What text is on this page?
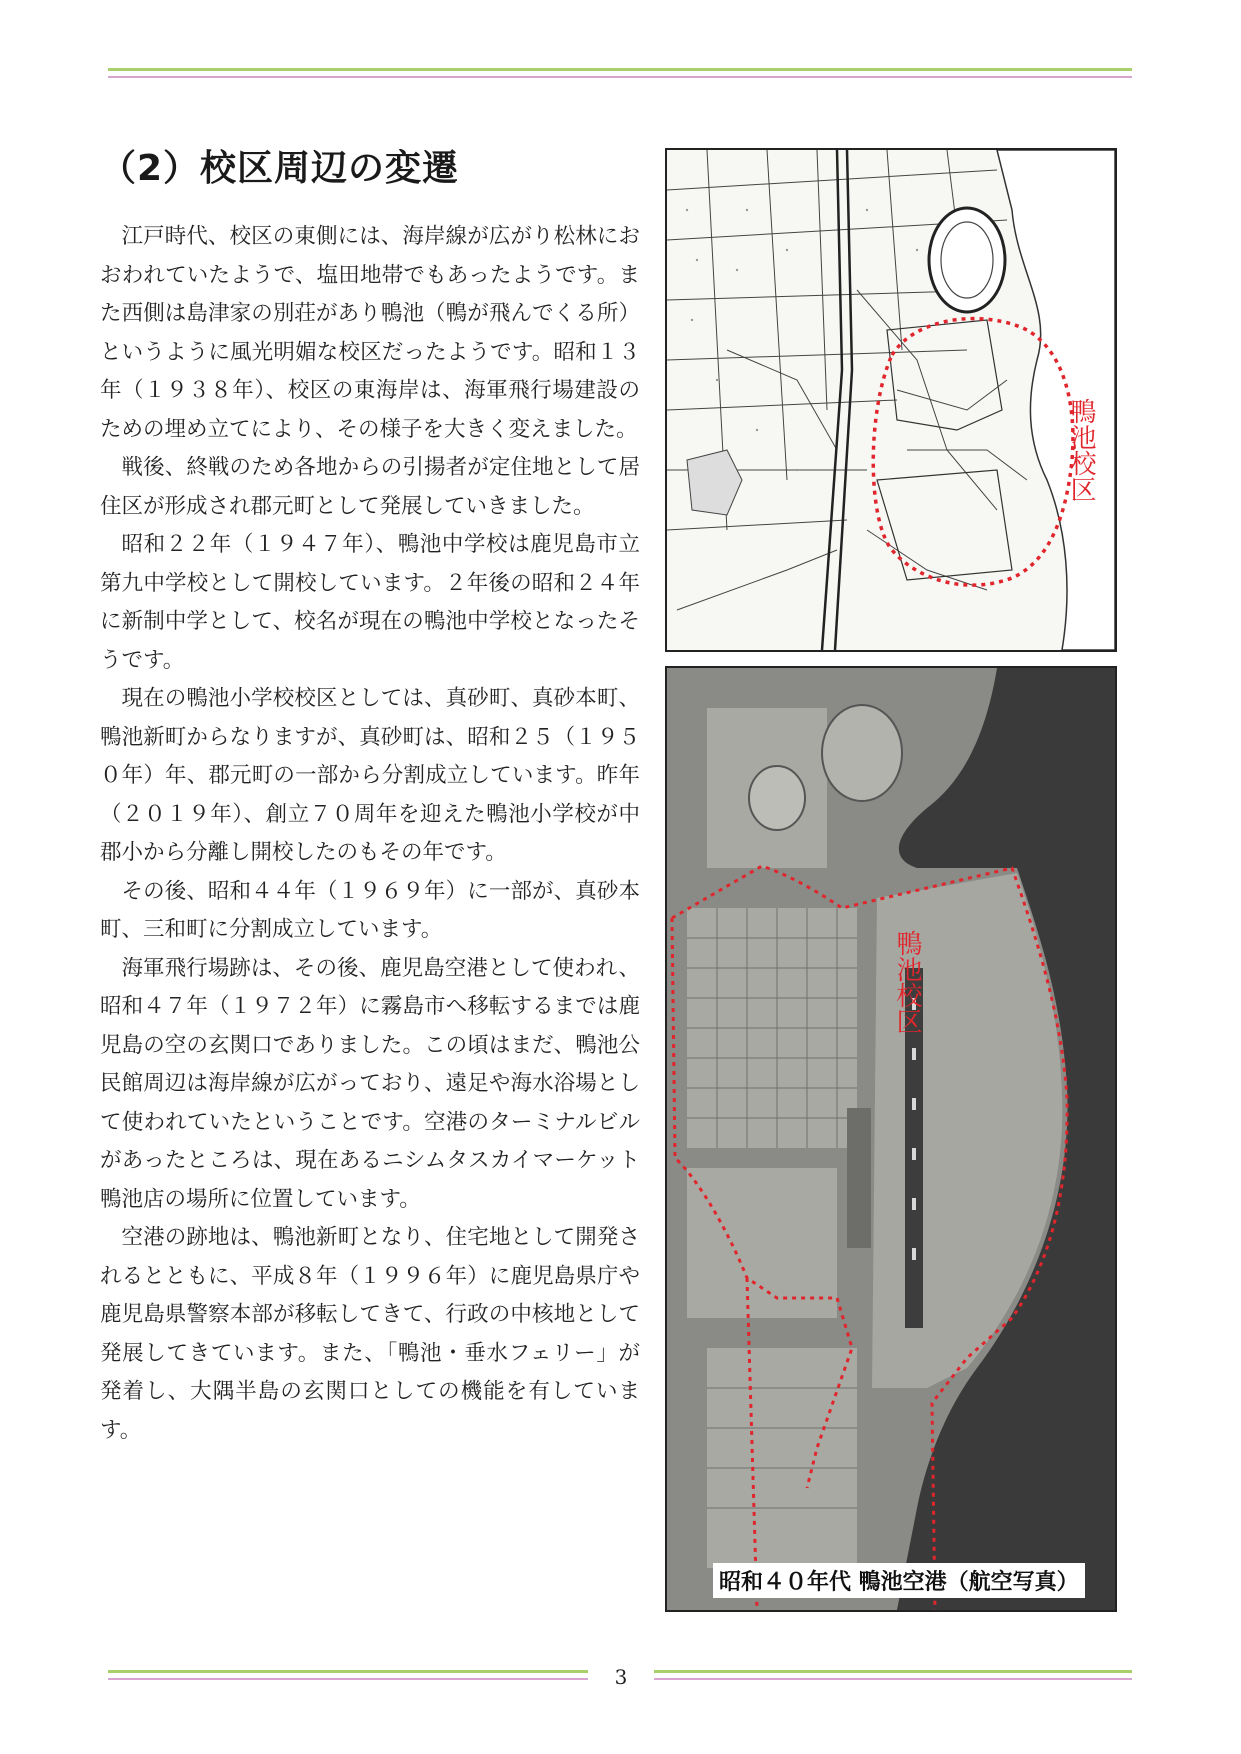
（2）校区周辺の変遷

江戸時代、校区の東側には、海岸線が広がり松林におおわれていたようで、塩田地帯でもあったようです。また西側は島津家の別荘があり鴨池（鴨が飛んでくる所）というように風光明媚な校区だったようです。昭和１３年（１９３８年）、校区の東海岸は、海軍飛行場建設のための埋め立てにより、その様子を大きく変えました。

戦後、終戦のため各地からの引揚者が定住地として居住区が形成され郡元町として発展していきました。

昭和２２年（１９４７年）、鴨池中学校は鹿児島市立第九中学校として開校しています。２年後の昭和２４年に新制中学として、校名が現在の鴨池中学校となったそうです。

現在の鴨池小学校校区としては、真砂町、真砂本町、鴨池新町からなりますが、真砂町は、昭和２５（１９５０年）年、郡元町の一部から分割成立しています。昨年（２０１９年）、創立７０周年を迎えた鴨池小学校が中郡小から分離し開校したのもその年です。

その後、昭和４４年（１９６９年）に一部が、真砂本町、三和町に分割成立しています。

海軍飛行場跡は、その後、鹿児島空港として使われ、昭和４７年（１９７２年）に霧島市へ移転するまでは鹿児島の空の玄関口でありました。この頃はまだ、鴨池公民館周辺は海岸線が広がっており、遠足や海水浴場として使われていたということです。空港のターミナルビルがあったところは、現在あるニシムタスカイマーケット鴨池店の場所に位置しています。

空港の跡地は、鴨池新町となり、住宅地として開発されるとともに、平成８年（１９９６年）に鹿児島県庁や鹿児島県警察本部が移転してきて、行政の中核地として発展してきています。また、「鴨池・垂水フェリー」が発着し、大隅半島の玄関口としての機能を有しています。

鴨池校区
鴨池校区
昭和４０年代 鴨池空港（航空写真）
3
